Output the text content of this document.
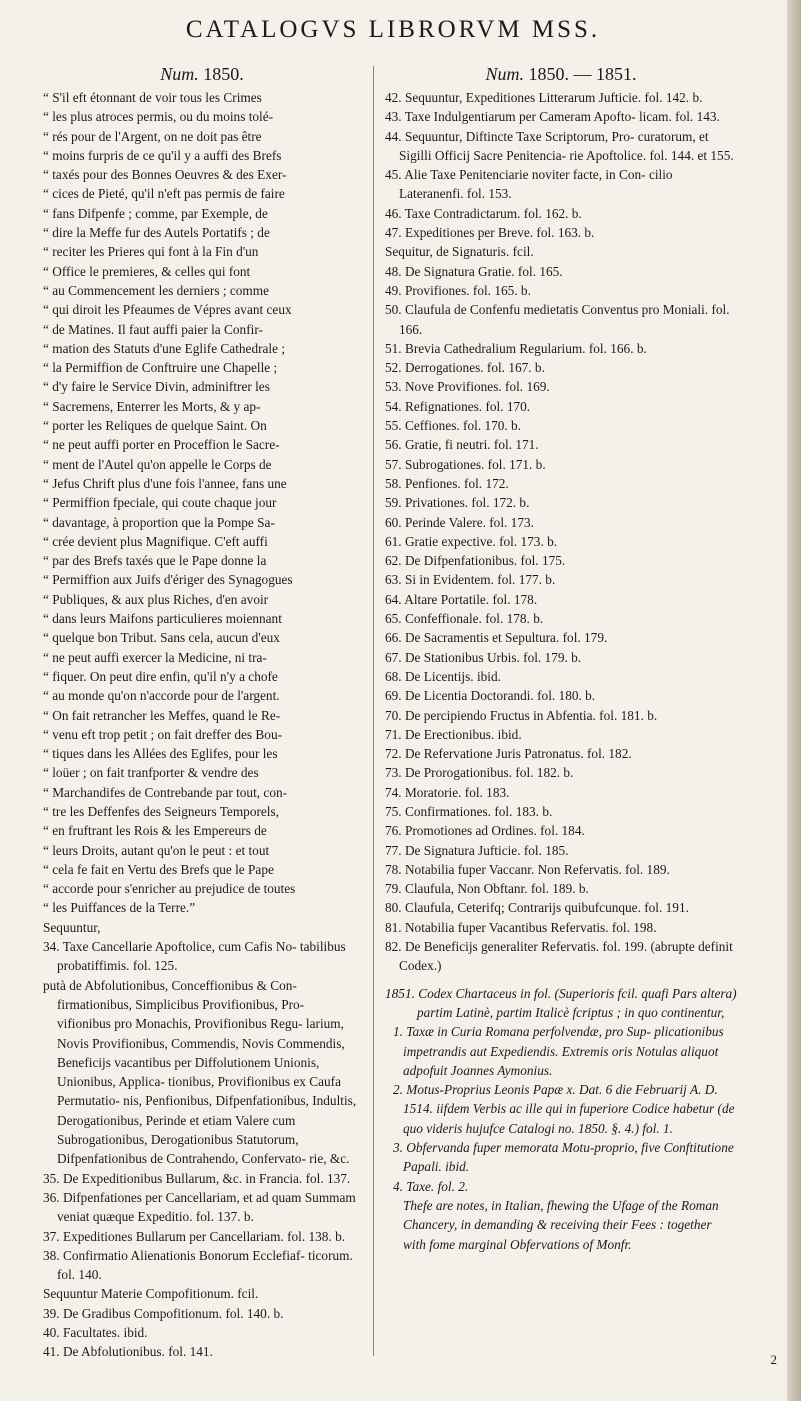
CATALOGVS LIBRORVM MSS.
Num. 1850.

“ S'il eft étonnant de voir tous les Crimes

“ les plus atroces permis, ou du moins tolé-

“ rés pour de l'Argent, on ne doit pas être

“ moins furpris de ce qu'il y a auffi des Brefs

“ taxés pour des Bonnes Oeuvres & des Exer-

“ cices de Pieté, qu'il n'eft pas permis de faire

“ fans Difpenfe ; comme, par Exemple, de

“ dire la Meffe fur des Autels Portatifs ; de

“ reciter les Prieres qui font à la Fin d'un

“ Office le premieres, & celles qui font

“ au Commencement les derniers ; comme

“ qui diroit les Pfeaumes de Vépres avant ceux

“ de Matines. Il faut auffi paier la Confir-

“ mation des Statuts d'une Eglife Cathedrale ;

“ la Permiffion de Conftruire une Chapelle ;

“ d'y faire le Service Divin, adminiftrer les

“ Sacremens, Enterrer les Morts, & y ap-

“ porter les Reliques de quelque Saint. On

“ ne peut auffi porter en Proceffion le Sacre-

“ ment de l'Autel qu'on appelle le Corps de

“ Jefus Chrift plus d'une fois l'annee, fans une

“ Permiffion fpeciale, qui coute chaque jour

“ davantage, à proportion que la Pompe Sa-

“ crée devient plus Magnifique. C'eft auffi

“ par des Brefs taxés que le Pape donne la

“ Permiffion aux Juifs d'ériger des Synagogues

“ Publiques, & aux plus Riches, d'en avoir

“ dans leurs Maifons particulieres moiennant

“ quelque bon Tribut. Sans cela, aucun d'eux

“ ne peut auffi exercer la Medicine, ni tra-

“ fiquer. On peut dire enfin, qu'il n'y a chofe

“ au monde qu'on n'accorde pour de l'argent.

“ On fait retrancher les Meffes, quand le Re-

“ venu eft trop petit ; on fait dreffer des Bou-

“ tiques dans les Allées des Eglifes, pour les

“ loüer ; on fait tranfporter & vendre des

“ Marchandifes de Contrebande par tout, con-

“ tre les Deffenfes des Seigneurs Temporels,

“ en fruftrant les Rois & les Empereurs de

“ leurs Droits, autant qu'on le peut : et tout

“ cela fe fait en Vertu des Brefs que le Pape

“ accorde pour s'enricher au prejudice de toutes

“ les Puiffances de la Terre.”

Sequuntur,

34. Taxe Cancellarie Apoftolice, cum Cafis No- tabilibus probatiffimis. fol. 125.

putà de Abfolutionibus, Conceffionibus & Con- firmationibus, Simplicibus Provifionibus, Pro- vifionibus pro Monachis, Provifionibus Regu- larium, Novis Provifionibus, Commendis, Novis Commendis, Beneficijs vacantibus per Diffolutionem Unionis, Unionibus, Applica- tionibus, Provifionibus ex Caufa Permutatio- nis, Penfionibus, Difpenfationibus, Indultis, Derogationibus, Perinde et etiam Valere cum Subrogationibus, Derogationibus Statutorum, Difpenfationibus de Contrahendo, Confervato- rie, &c.

35. De Expeditionibus Bullarum, &c. in Francia. fol. 137.

36. Difpenfationes per Cancellariam, et ad quam Summam veniat quæque Expeditio. fol. 137. b.

37. Expeditiones Bullarum per Cancellariam. fol. 138. b.

38. Confirmatio Alienationis Bonorum Ecclefiaf- ticorum. fol. 140.

Sequuntur Materie Compofitionum. fcil.

39. De Gradibus Compofitionum. fol. 140. b.

40. Facultates. ibid.

41. De Abfolutionibus. fol. 141.

Num. 1850. — 1851.

42. Sequuntur, Expeditiones Litterarum Jufticie. fol. 142. b.

43. Taxe Indulgentiarum per Cameram Apofto- licam. fol. 143.

44. Sequuntur, Diftincte Taxe Scriptorum, Pro- curatorum, et Sigilli Officij Sacre Penitencia- rie Apoftolice. fol. 144. et 155.

45. Alie Taxe Penitenciarie noviter facte, in Con- cilio Lateranenfi. fol. 153.

46. Taxe Contradictarum. fol. 162. b.

47. Expeditiones per Breve. fol. 163. b.

Sequitur, de Signaturis. fcil.

48. De Signatura Gratie. fol. 165.

49. Provifiones. fol. 165. b.

50. Claufula de Confenfu medietatis Conventus pro Moniali. fol. 166.

51. Brevia Cathedralium Regularium. fol. 166. b.

52. Derrogationes. fol. 167. b.

53. Nove Provifiones. fol. 169.

54. Refignationes. fol. 170.

55. Ceffiones. fol. 170. b.

56. Gratie, fi neutri. fol. 171.

57. Subrogationes. fol. 171. b.

58. Penfiones. fol. 172.

59. Privationes. fol. 172. b.

60. Perinde Valere. fol. 173.

61. Gratie expective. fol. 173. b.

62. De Difpenfationibus. fol. 175.

63. Si in Evidentem. fol. 177. b.

64. Altare Portatile. fol. 178.

65. Confeffionale. fol. 178. b.

66. De Sacramentis et Sepultura. fol. 179.

67. De Stationibus Urbis. fol. 179. b.

68. De Licentijs. ibid.

69. De Licentia Doctorandi. fol. 180. b.

70. De percipiendo Fructus in Abfentia. fol. 181. b.

71. De Erectionibus. ibid.

72. De Refervatione Juris Patronatus. fol. 182.

73. De Prorogationibus. fol. 182. b.

74. Moratorie. fol. 183.

75. Confirmationes. fol. 183. b.

76. Promotiones ad Ordines. fol. 184.

77. De Signatura Jufticie. fol. 185.

78. Notabilia fuper Vaccanr. Non Refervatis. fol. 189.

79. Claufula, Non Obftanr. fol. 189. b.

80. Claufula, Ceterifq; Contrarijs quibufcunque. fol. 191.

81. Notabilia fuper Vacantibus Refervatis. fol. 198.

82. De Beneficijs generaliter Refervatis. fol. 199. (abrupte definit Codex.)

1851. Codex Chartaceus in fol. (Superioris fcil. quafi Pars altera) partim Latinè, partim Italicè fcriptus ; in quo continentur,

1. Taxæ in Curia Romana perfolvendæ, pro Sup- plicationibus impetrandis aut Expediendis. Extremis oris Notulas aliquot adpofuit Joannes Aymonius.

2. Motus-Proprius Leonis Papæ x. Dat. 6 die Februarij A. D. 1514. iifdem Verbis ac ille qui in fuperiore Codice habetur (de quo videris hujufce Catalogi no. 1850. §. 4.) fol. 1.

3. Obfervanda fuper memorata Motu-proprio, five Conftitutione Papali. ibid.

4. Taxe. fol. 2.

Thefe are notes, in Italian, fhewing the Ufage of the Roman Chancery, in demanding & receiving their Fees : together with fome marginal Obfervations of Monfr.

2
